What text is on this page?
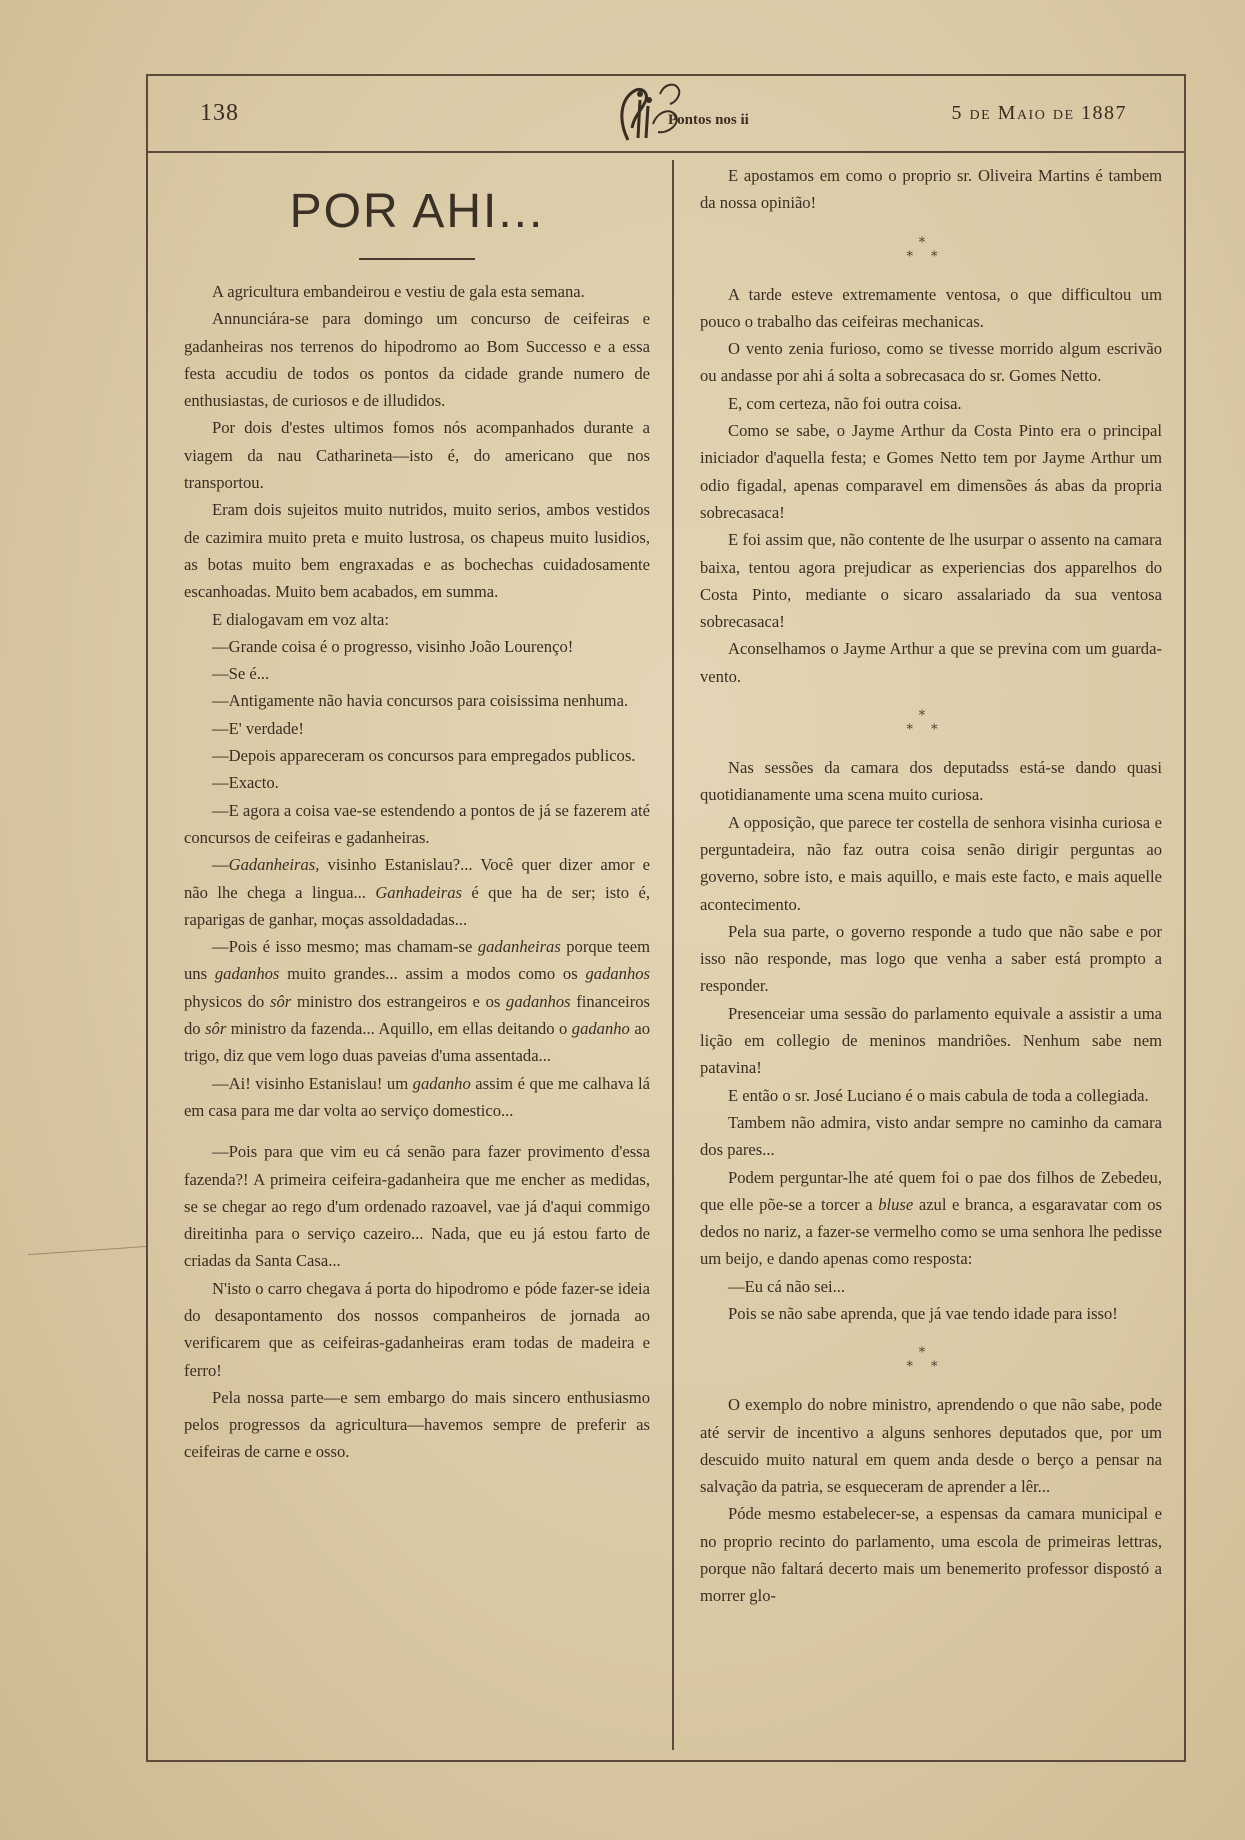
138	Pontos nos ii	5 de Maio de 1887
POR AHI...

A agricultura embandeirou e vestiu de gala esta semana.

Annunciára-se para domingo um concurso de ceifeiras e gadanheiras nos terrenos do hipodromo ao Bom Successo e a essa festa accudiu de todos os pontos da cidade grande numero de enthusiastas, de curiosos e de illudidos.

Por dois d'estes ultimos fomos nós acompanhados durante a viagem da nau Catharineta—isto é, do americano que nos transportou.

Eram dois sujeitos muito nutridos, muito serios, ambos vestidos de cazimira muito preta e muito lustrosa, os chapeus muito lusidios, as botas muito bem engraxadas e as bochechas cuidadosamente escanhoadas. Muito bem acabados, em summa.

E dialogavam em voz alta:

—Grande coisa é o progresso, visinho João Lourenço!

—Se é...

—Antigamente não havia concursos para coisissima nenhuma.

—E' verdade!

—Depois appareceram os concursos para empregados publicos.

—Exacto.

—E agora a coisa vae-se estendendo a pontos de já se fazerem até concursos de ceifeiras e gadanheiras.

—Gadanheiras, visinho Estanislau?... Você quer dizer amor e não lhe chega a lingua... Ganhadeiras é que ha de ser; isto é, raparigas de ganhar, moças assoldadadas...

—Pois é isso mesmo; mas chamam-se gadanheiras porque teem uns gadanhos muito grandes... assim a modos como os gadanhos physicos do sôr ministro dos estrangeiros e os gadanhos financeiros do sôr ministro da fazenda... Aquillo, em ellas deitando o gadanho ao trigo, diz que vem logo duas paveias d'uma assentada...

—Ai! visinho Estanislau! um gadanho assim é que me calhava lá em casa para me dar volta ao serviço domestico...

—Pois para que vim eu cá senão para fazer provimento d'essa fazenda?! A primeira ceifeira-gadanheira que me encher as medidas, se se chegar ao rego d'um ordenado razoavel, vae já d'aqui commigo direitinha para o serviço cazeiro... Nada, que eu já estou farto de criadas da Santa Casa...

N'isto o carro chegava á porta do hipodromo e póde fazer-se ideia do desapontamento dos nossos companheiros de jornada ao verificarem que as ceifeiras-gadanheiras eram todas de madeira e ferro!

Pela nossa parte—e sem embargo do mais sincero enthusiasmo pelos progressos da agricultura—havemos sempre de preferir as ceifeiras de carne e osso.

E apostamos em como o proprio sr. Oliveira Martins é tambem da nossa opinião!

⁎
⁎⁎

A tarde esteve extremamente ventosa, o que difficultou um pouco o trabalho das ceifeiras mechanicas.

O vento zenia furioso, como se tivesse morrido algum escrivão ou andasse por ahi á solta a sobrecasaca do sr. Gomes Netto.

E, com certeza, não foi outra coisa.

Como se sabe, o Jayme Arthur da Costa Pinto era o principal iniciador d'aquella festa; e Gomes Netto tem por Jayme Arthur um odio figadal, apenas comparavel em dimensões ás abas da propria sobrecasaca!

E foi assim que, não contente de lhe usurpar o assento na camara baixa, tentou agora prejudicar as experiencias dos apparelhos do Costa Pinto, mediante o sicaro assalariado da sua ventosa sobrecasaca!

Aconselhamos o Jayme Arthur a que se previna com um guarda-vento.

⁎
⁎⁎

Nas sessões da camara dos deputadss está-se dando quasi quotidianamente uma scena muito curiosa.

A opposição, que parece ter costella de senhora visinha curiosa e perguntadeira, não faz outra coisa senão dirigir perguntas ao governo, sobre isto, e mais aquillo, e mais este facto, e mais aquelle acontecimento.

Pela sua parte, o governo responde a tudo que não sabe e por isso não responde, mas logo que venha a saber está prompto a responder.

Presenceiar uma sessão do parlamento equivale a assistir a uma lição em collegio de meninos mandriões. Nenhum sabe nem patavina!

E então o sr. José Luciano é o mais cabula de toda a collegiada.

Tambem não admira, visto andar sempre no caminho da camara dos pares...

Podem perguntar-lhe até quem foi o pae dos filhos de Zebedeu, que elle põe-se a torcer a bluse azul e branca, a esgaravatar com os dedos no nariz, a fazer-se vermelho como se uma senhora lhe pedisse um beijo, e dando apenas como resposta:

—Eu cá não sei...

Pois se não sabe aprenda, que já vae tendo idade para isso!

⁎
⁎⁎

O exemplo do nobre ministro, aprendendo o que não sabe, pode até servir de incentivo a alguns senhores deputados que, por um descuido muito natural em quem anda desde o berço a pensar na salvação da patria, se esqueceram de aprender a lêr...

Póde mesmo estabelecer-se, a espensas da camara municipal e no proprio recinto do parlamento, uma escola de primeiras lettras, porque não faltará decerto mais um benemerito professor dispostó a morrer glo-
